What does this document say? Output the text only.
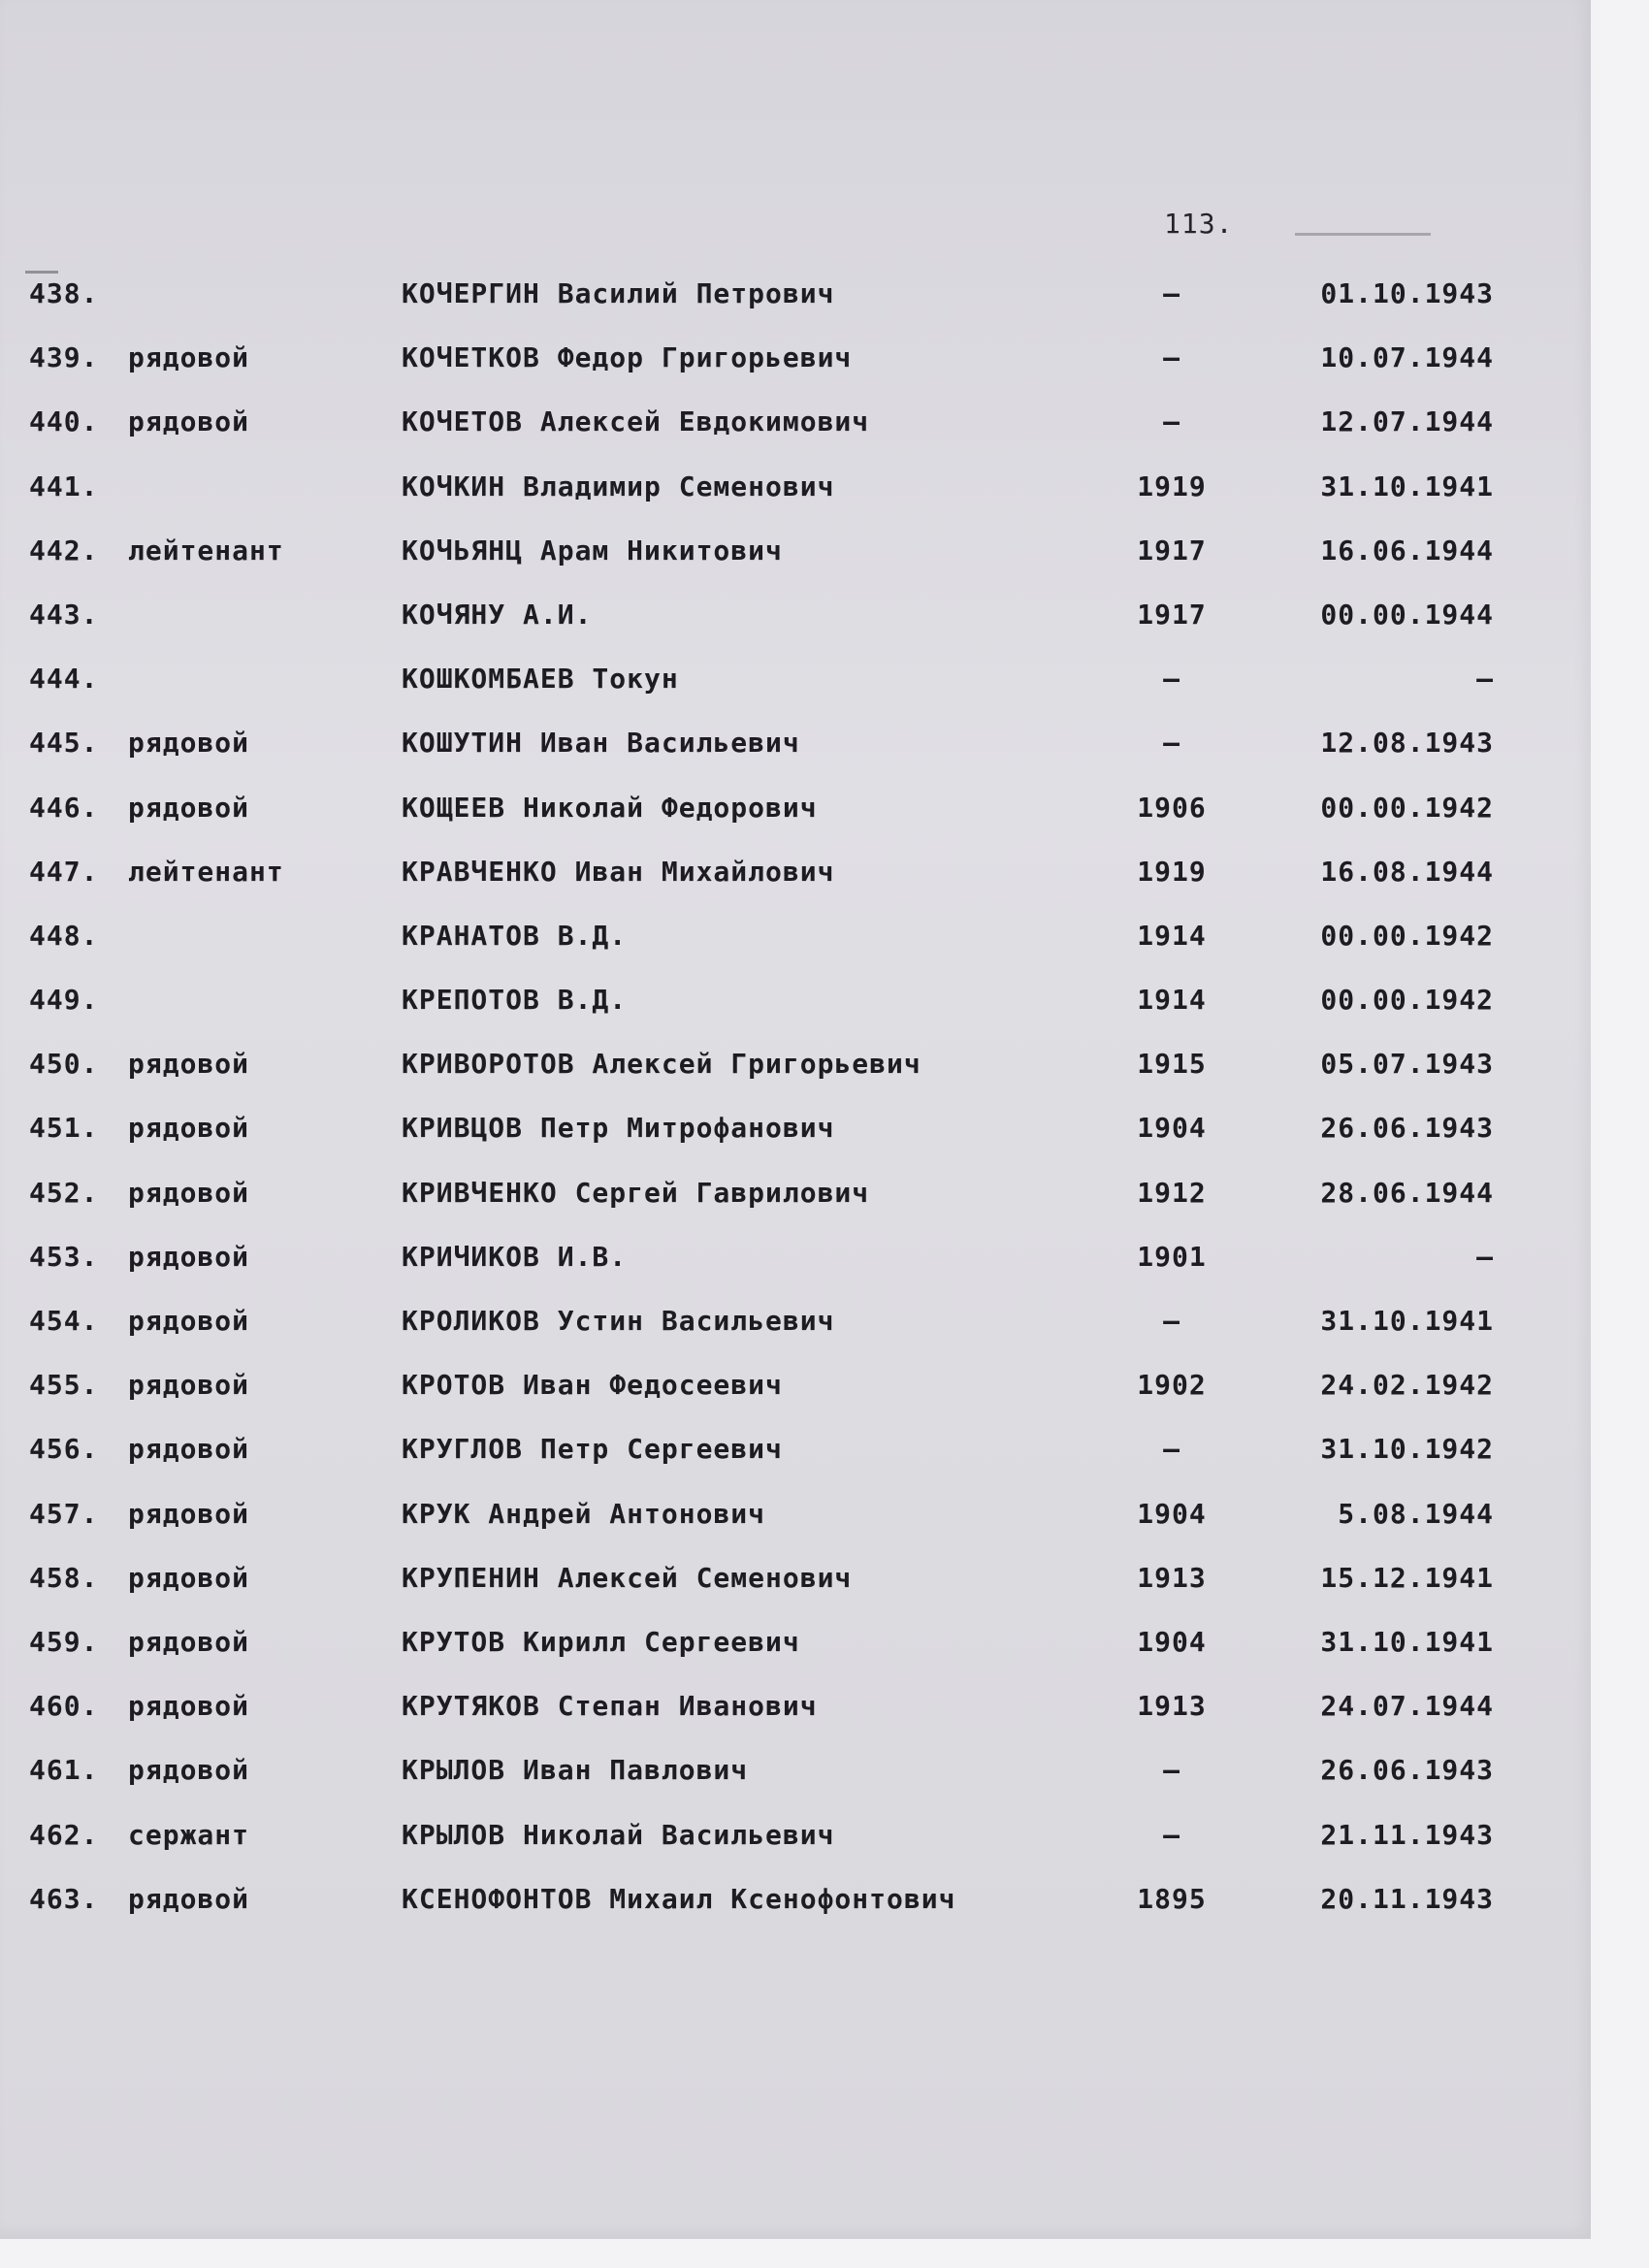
113.
438.	КОЧЕРГИН Василий Петрович	–	01.10.1943
439. рядовой	КОЧЕТКОВ Федор Григорьевич	–	10.07.1944
440. рядовой	КОЧЕТОВ Алексей Евдокимович	–	12.07.1944
441.	КОЧКИН Владимир Семенович	1919	31.10.1941
442. лейтенант	КОЧЬЯНЦ Арам Никитович	1917	16.06.1944
443.	КОЧЯНУ А.И.	1917	00.00.1944
444.	КОШКОМБАЕВ Токун	–	–
445. рядовой	КОШУТИН Иван Васильевич	–	12.08.1943
446. рядовой	КОЩЕЕВ Николай Федорович	1906	00.00.1942
447. лейтенант	КРАВЧЕНКО Иван Михайлович	1919	16.08.1944
448.	КРАНАТОВ В.Д.	1914	00.00.1942
449.	КРЕПОТОВ В.Д.	1914	00.00.1942
450. рядовой	КРИВОРОТОВ Алексей Григорьевич	1915	05.07.1943
451. рядовой	КРИВЦОВ Петр Митрофанович	1904	26.06.1943
452. рядовой	КРИВЧЕНКО Сергей Гаврилович	1912	28.06.1944
453. рядовой	КРИЧИКОВ И.В.	1901	–
454. рядовой	КРОЛИКОВ Устин Васильевич	–	31.10.1941
455. рядовой	КРОТОВ Иван Федосеевич	1902	24.02.1942
456. рядовой	КРУГЛОВ Петр Сергеевич	–	31.10.1942
457. рядовой	КРУК Андрей Антонович	1904	5.08.1944
458. рядовой	КРУПЕНИН Алексей Семенович	1913	15.12.1941
459. рядовой	КРУТОВ Кирилл Сергеевич	1904	31.10.1941
460. рядовой	КРУТЯКОВ Степан Иванович	1913	24.07.1944
461. рядовой	КРЫЛОВ Иван Павлович	–	26.06.1943
462. сержант	КРЫЛОВ Николай Васильевич	–	21.11.1943
463. рядовой	КСЕНОФОНТОВ Михаил Ксенофонтович	1895	20.11.1943
